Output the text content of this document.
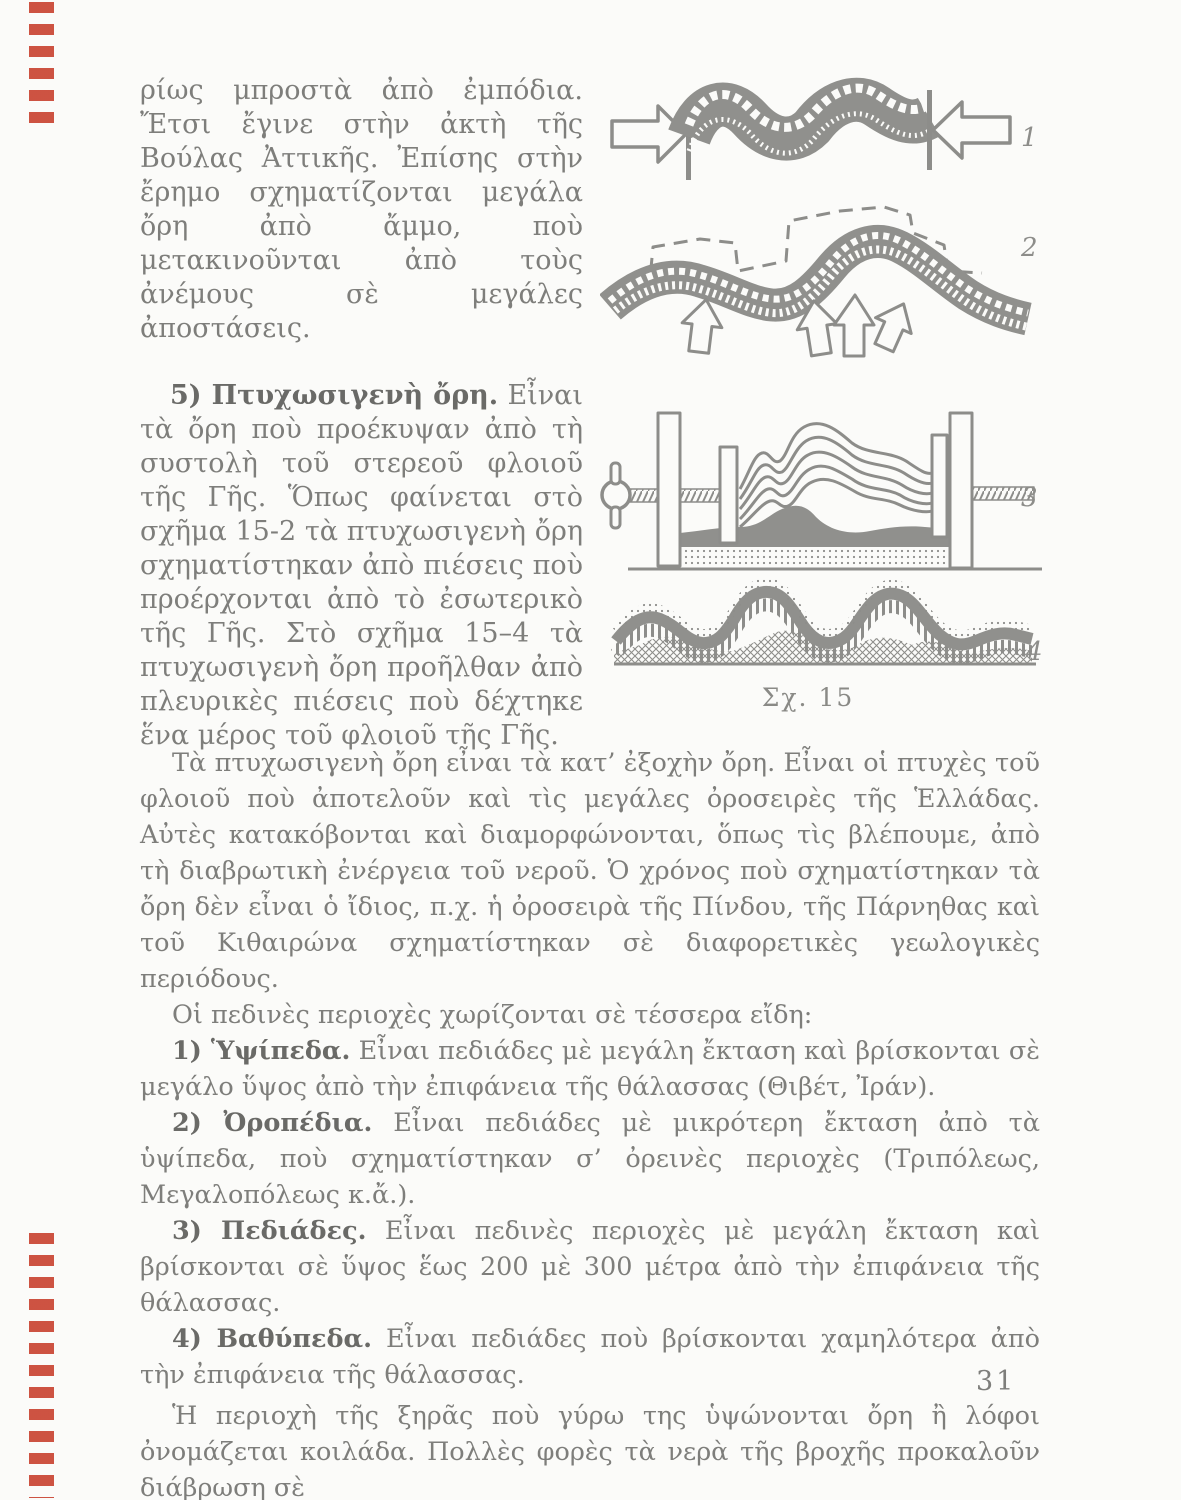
ρίως μπροστὰ ἀπὸ ἐμπόδια. Ἔτσι ἔγινε στὴν ἀκτὴ τῆς Βούλας Ἀττικῆς. Ἐπίσης στὴν ἔρημο σχηματίζονται μεγάλα ὄρη ἀπὸ ἄμμο, ποὺ μετακινοῦνται ἀπὸ τοὺς ἀνέμους σὲ μεγάλες ἀποστάσεις.

5) Πτυχωσιγενὴ ὄρη. Εἶναι τὰ ὄρη ποὺ προέκυψαν ἀπὸ τὴ συστολὴ τοῦ στερεοῦ φλοιοῦ τῆς Γῆς. Ὅπως φαίνεται στὸ σχῆμα 15-2 τὰ πτυχωσιγενὴ ὄρη σχηματίστηκαν ἀπὸ πιέσεις ποὺ προέρχονται ἀπὸ τὸ ἐσωτερικὸ τῆς Γῆς. Στὸ σχῆμα 15–4 τὰ πτυχωσιγενὴ ὄρη προῆλθαν ἀπὸ πλευρικὲς πιέσεις ποὺ δέχτηκε ἕνα μέρος τοῦ φλοιοῦ τῆς Γῆς.

1
2
3
4
Σχ. 15

Τὰ πτυχωσιγενὴ ὄρη εἶναι τὰ κατ’ ἐξοχὴν ὄρη. Εἶναι οἱ πτυχὲς τοῦ φλοιοῦ ποὺ ἀποτελοῦν καὶ τὶς μεγάλες ὀροσειρὲς τῆς Ἑλλάδας. Αὐτὲς κατακόβονται καὶ διαμορφώνονται, ὅπως τὶς βλέπουμε, ἀπὸ τὴ διαβρωτικὴ ἐνέργεια τοῦ νεροῦ. Ὁ χρόνος ποὺ σχηματίστηκαν τὰ ὄρη δὲν εἶναι ὁ ἴδιος, π.χ. ἡ ὀροσειρὰ τῆς Πίνδου, τῆς Πάρνηθας καὶ τοῦ Κιθαιρώνα σχηματίστηκαν σὲ διαφορετικὲς γεωλογικὲς περιόδους.

Οἱ πεδινὲς περιοχὲς χωρίζονται σὲ τέσσερα εἴδη:

1) Ὑψίπεδα. Εἶναι πεδιάδες μὲ μεγάλη ἔκταση καὶ βρίσκονται σὲ μεγάλο ὕψος ἀπὸ τὴν ἐπιφάνεια τῆς θάλασσας (Θιβέτ, Ἰράν).

2) Ὀροπέδια. Εἶναι πεδιάδες μὲ μικρότερη ἔκταση ἀπὸ τὰ ὑψίπεδα, ποὺ σχηματίστηκαν σ’ ὀρεινὲς περιοχὲς (Τριπόλεως, Μεγαλοπόλεως κ.ἄ.).

3) Πεδιάδες. Εἶναι πεδινὲς περιοχὲς μὲ μεγάλη ἔκταση καὶ βρίσκονται σὲ ὕψος ἕως 200 μὲ 300 μέτρα ἀπὸ τὴν ἐπιφάνεια τῆς θάλασσας.

4) Βαθύπεδα. Εἶναι πεδιάδες ποὺ βρίσκονται χαμηλότερα ἀπὸ τὴν ἐπιφάνεια τῆς θάλασσας.

Ἡ περιοχὴ τῆς ξηρᾶς ποὺ γύρω της ὑψώνονται ὄρη ἢ λόφοι ὀνομάζεται κοιλάδα. Πολλὲς φορὲς τὰ νερὰ τῆς βροχῆς προκαλοῦν διάβρωση σὲ

31
